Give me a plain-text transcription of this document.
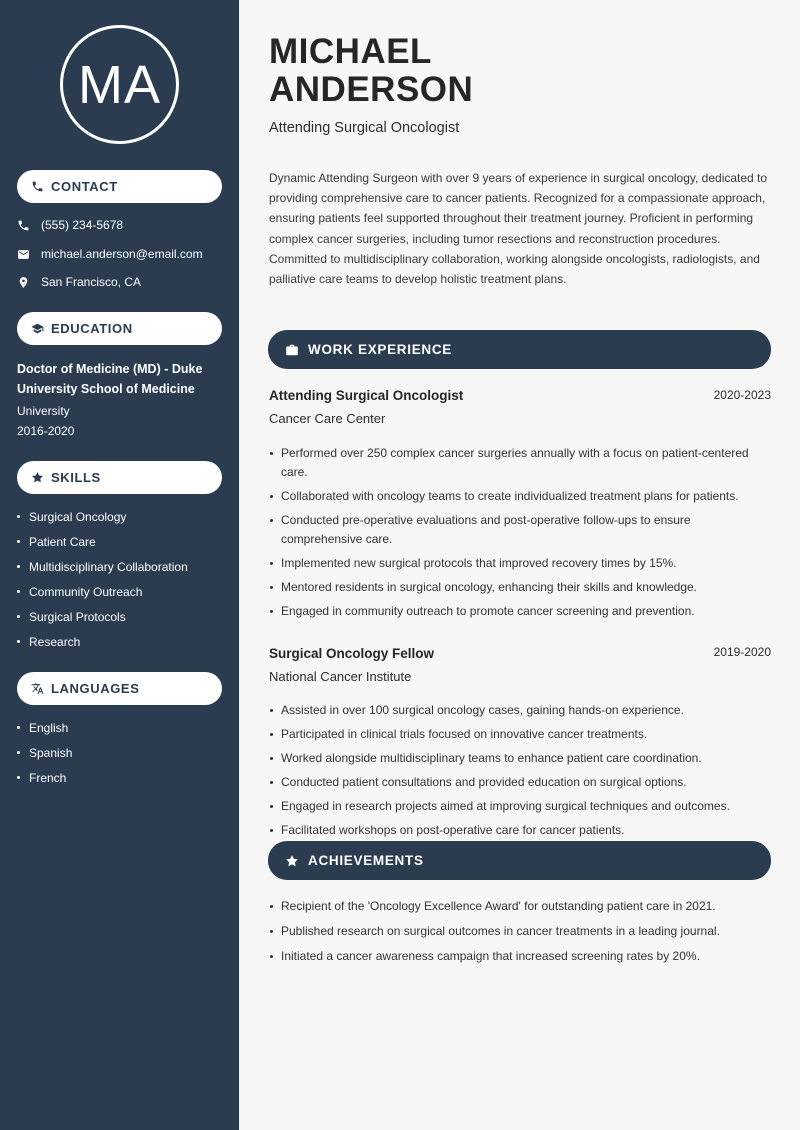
MA
CONTACT
(555) 234-5678
michael.anderson@email.com
San Francisco, CA
EDUCATION
Doctor of Medicine (MD) - Duke University School of Medicine
University
2016-2020
SKILLS
Surgical Oncology
Patient Care
Multidisciplinary Collaboration
Community Outreach
Surgical Protocols
Research
LANGUAGES
English
Spanish
French
MICHAEL
ANDERSON
Attending Surgical Oncologist

Dynamic Attending Surgeon with over 9 years of experience in surgical oncology, dedicated to providing comprehensive care to cancer patients. Recognized for a compassionate approach, ensuring patients feel supported throughout their treatment journey. Proficient in performing complex cancer surgeries, including tumor resections and reconstruction procedures. Committed to multidisciplinary collaboration, working alongside oncologists, radiologists, and palliative care teams to develop holistic treatment plans.

WORK EXPERIENCE
Attending Surgical Oncologist	2020-2023
Cancer Care Center
Performed over 250 complex cancer surgeries annually with a focus on patient-centered care.
Collaborated with oncology teams to create individualized treatment plans for patients.
Conducted pre-operative evaluations and post-operative follow-ups to ensure comprehensive care.
Implemented new surgical protocols that improved recovery times by 15%.
Mentored residents in surgical oncology, enhancing their skills and knowledge.
Engaged in community outreach to promote cancer screening and prevention.
Surgical Oncology Fellow	2019-2020
National Cancer Institute
Assisted in over 100 surgical oncology cases, gaining hands-on experience.
Participated in clinical trials focused on innovative cancer treatments.
Worked alongside multidisciplinary teams to enhance patient care coordination.
Conducted patient consultations and provided education on surgical options.
Engaged in research projects aimed at improving surgical techniques and outcomes.
Facilitated workshops on post-operative care for cancer patients.
ACHIEVEMENTS
Recipient of the 'Oncology Excellence Award' for outstanding patient care in 2021.
Published research on surgical outcomes in cancer treatments in a leading journal.
Initiated a cancer awareness campaign that increased screening rates by 20%.
